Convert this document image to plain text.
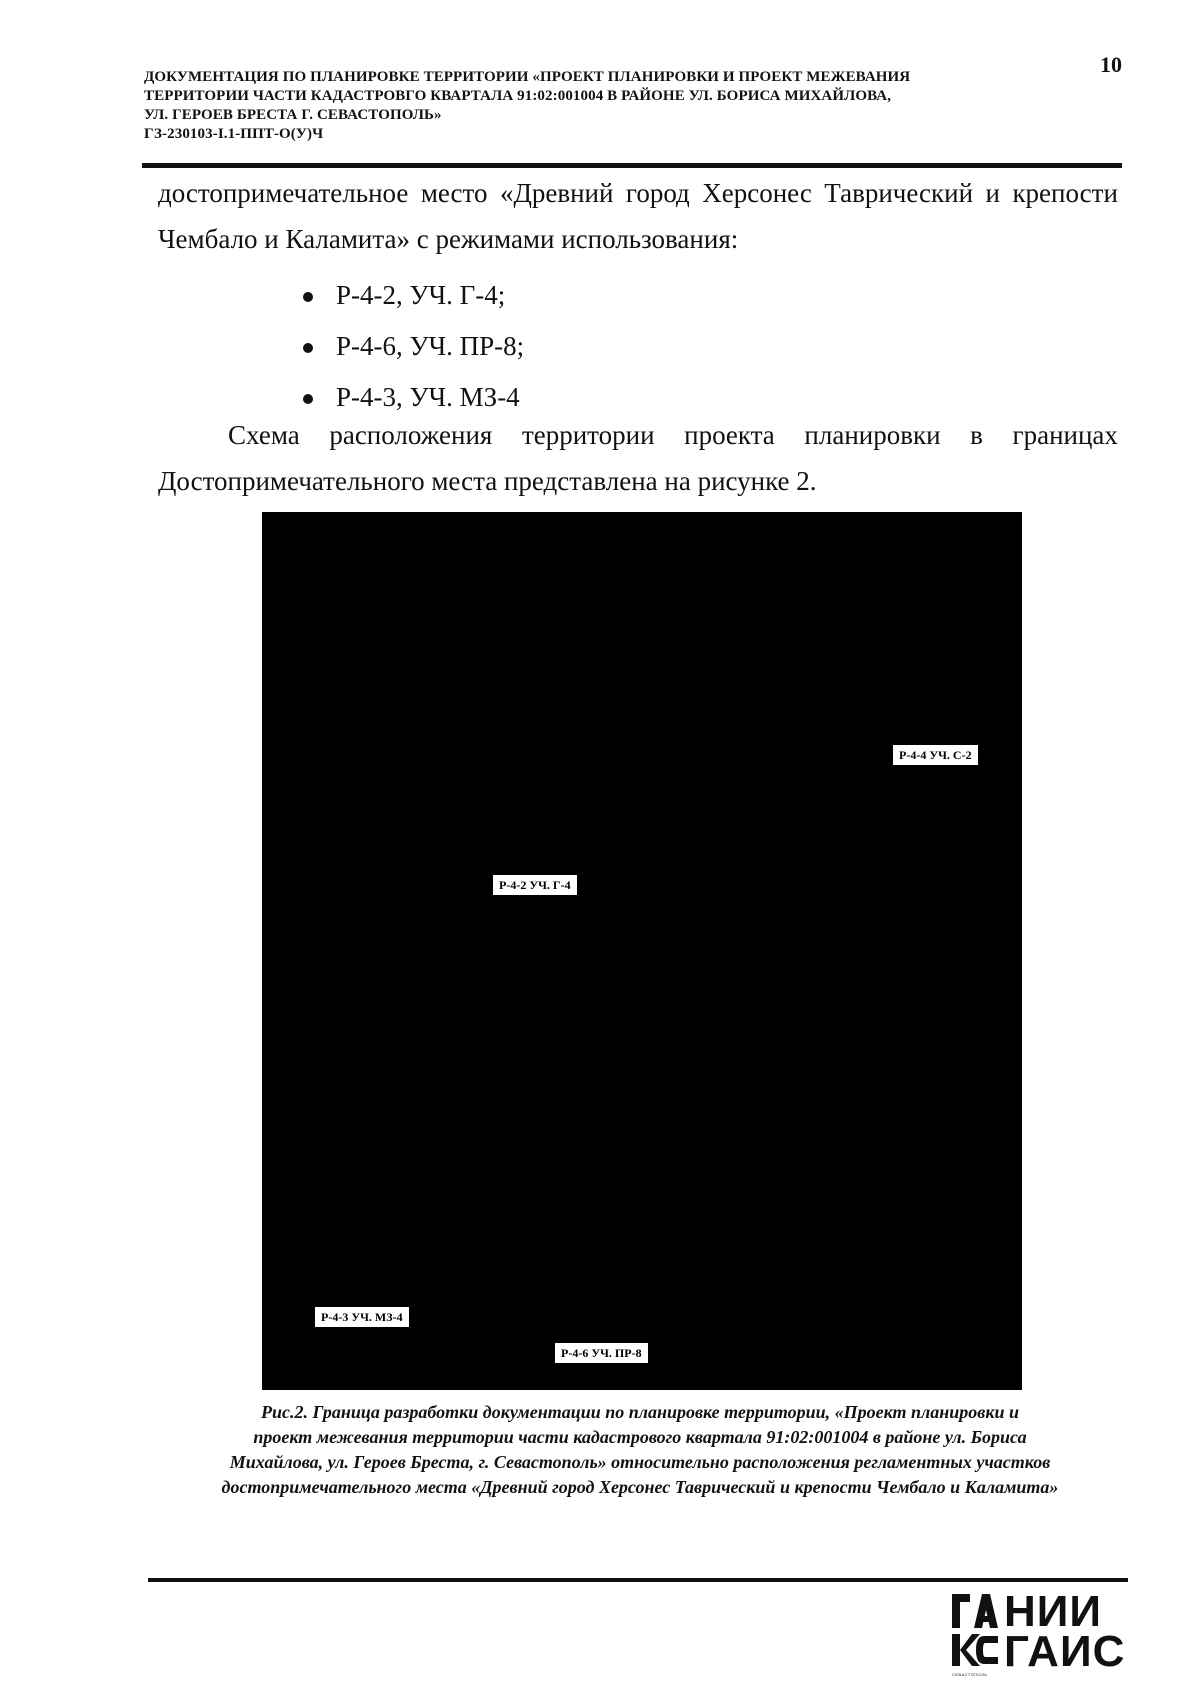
10
ДОКУМЕНТАЦИЯ ПО ПЛАНИРОВКЕ ТЕРРИТОРИИ «ПРОЕКТ ПЛАНИРОВКИ И ПРОЕКТ МЕЖЕВАНИЯ
ТЕРРИТОРИИ ЧАСТИ КАДАСТРОВГО КВАРТАЛА 91:02:001004 В РАЙОНЕ УЛ. БОРИСА МИХАЙЛОВА,
УЛ. ГЕРОЕВ БРЕСТА Г. СЕВАСТОПОЛЬ»
ГЗ-230103-I.1-ППТ-О(У)Ч
достопримечательное место «Древний город Херсонес Таврический и крепости
Чембало и Каламита» с режимами использования:
Р-4-2, УЧ. Г-4;
Р-4-6, УЧ. ПР-8;
Р-4-3, УЧ. МЗ-4
Схема расположения территории проекта планировки в границах
Достопримечательного места представлена на рисунке 2.
Р-4-4 УЧ. С-2
Р-4-2 УЧ. Г-4
Р-4-3 УЧ. МЗ-4
Р-4-6 УЧ. ПР-8
Рис.2. Граница разработки документации по планировке территории, «Проект планировки и
проект межевания территории части кадастрового квартала 91:02:001004 в районе ул. Бориса
Михайлова, ул. Героев Бреста, г. Севастополь» относительно расположения регламентных участков
достопримечательного места «Древний город Херсонес Таврический и крепости Чембало и Каламита»
НИИ
ГАИС
СЕВАСТОПОЛЬ
